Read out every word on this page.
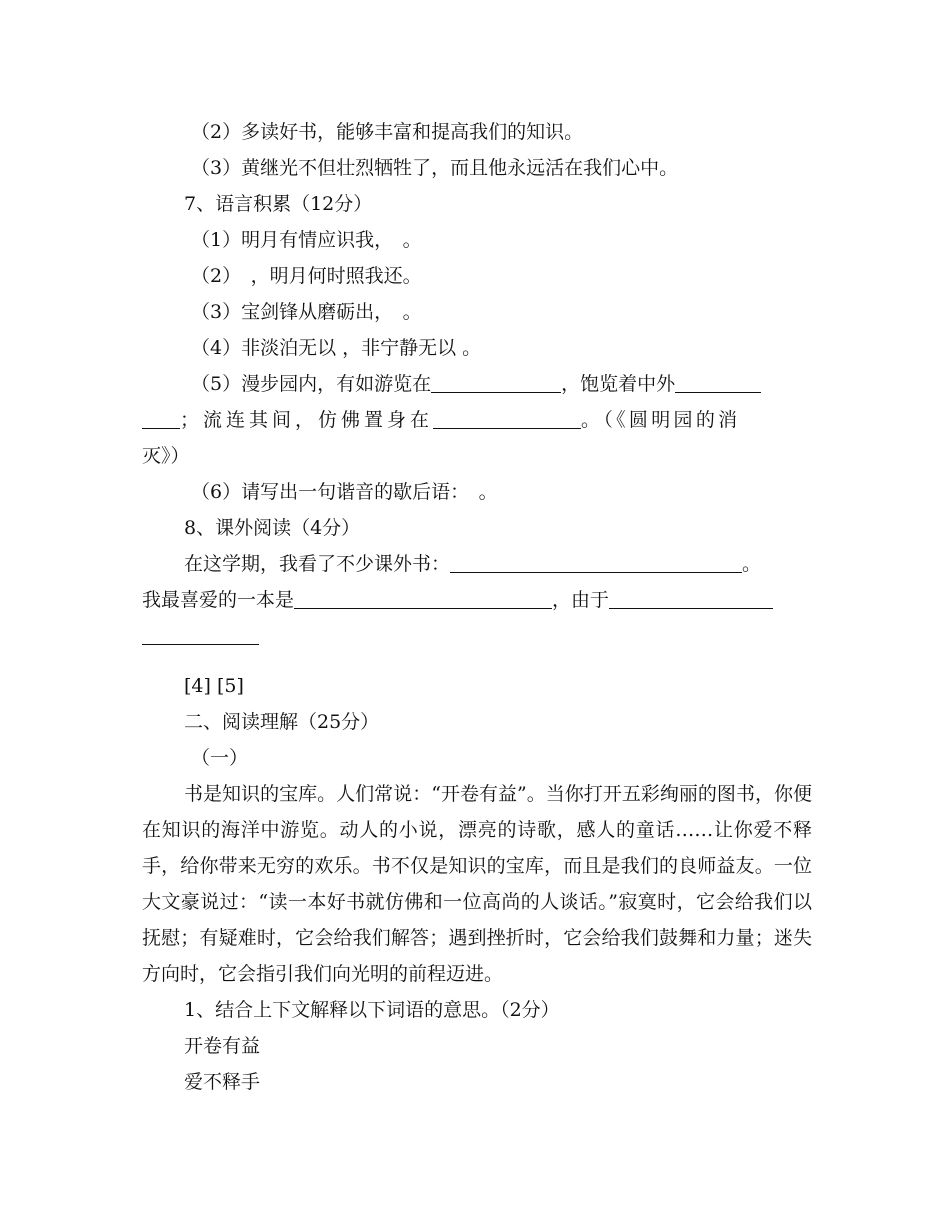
（2）多读好书，能够丰富和提高我们的知识。
（3）黄继光不但壮烈牺牲了，而且他永远活在我们心中。
7、语言积累（12分）
（1）明月有情应识我，　。
（2）　，明月何时照我还。
（3）宝剑锋从磨砺出，　。
（4）非淡泊无以 ，非宁静无以 。
（5）漫步园内，有如游览在	，饱览着中外
；流连其间，仿佛置身在	。（《圆明园的消
灭》）
（6）请写出一句谐音的歇后语：　。
8、课外阅读（4分）
在这学期，我看了不少课外书：	。
我最喜爱的一本是	，由于
[4] [5]
二、阅读理解（25分）
（一）
书是知识的宝库。人们常说：“开卷有益”。当你打开五彩绚丽的图书，你便在知识的海洋中游览。动人的小说，漂亮的诗歌，感人的童话……让你爱不释手，给你带来无穷的欢乐。书不仅是知识的宝库，而且是我们的良师益友。一位大文豪说过：“读一本好书就仿佛和一位高尚的人谈话。”寂寞时，它会给我们以抚慰；有疑难时，它会给我们解答；遇到挫折时，它会给我们鼓舞和力量；迷失方向时，它会指引我们向光明的前程迈进。
1、结合上下文解释以下词语的意思。（2分）
开卷有益
爱不释手
